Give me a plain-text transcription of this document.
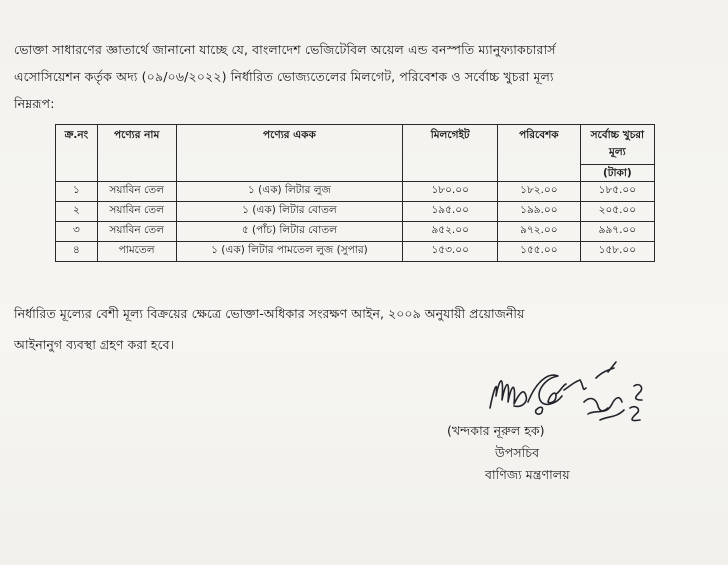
ভোক্তা সাধারণের জ্ঞাতার্থে জানানো যাচ্ছে যে, বাংলাদেশ ভেজিটেবিল অয়েল এন্ড বনস্পতি ম্যানুফ্যাকচারার্স
এসোসিয়েশন কর্তৃক অদ্য (০৯/০৬/২০২২) নির্ধারিত ভোজ্যতেলের মিলগেট, পরিবেশক ও সর্বোচ্চ খুচরা মূল্য
নিম্নরূপ:
ক্র.নং	পণ্যের নাম	পণ্যের একক	মিলগেইট	পরিবেশক	সর্বোচ্চ খুচরা মূল্য
(টাকা)

১	সয়াবিন তেল	১ (এক) লিটার লুজ	১৮০.০০	১৮২.০০	১৮৫.০০
২	সয়াবিন তেল	১ (এক) লিটার বোতল	১৯৫.০০	১৯৯.০০	২০৫.০০
৩	সয়াবিন তেল	৫ (পাঁচ) লিটার বোতল	৯৫২.০০	৯৭২.০০	৯৯৭.০০
৪	পামতেল	১ (এক) লিটার পামতেল লুজ (সুপার)	১৫৩.০০	১৫৫.০০	১৫৮.০০
নির্ধারিত মূল্যের বেশী মূল্য বিক্রয়ের ক্ষেত্রে ভোক্তা-অধিকার সংরক্ষণ আইন, ২০০৯ অনুযায়ী প্রয়োজনীয়
আইনানুগ ব্যবস্থা গ্রহণ করা হবে।
(খন্দকার নূরুল হক)
উপসচিব
বাণিজ্য মন্ত্রণালয়
